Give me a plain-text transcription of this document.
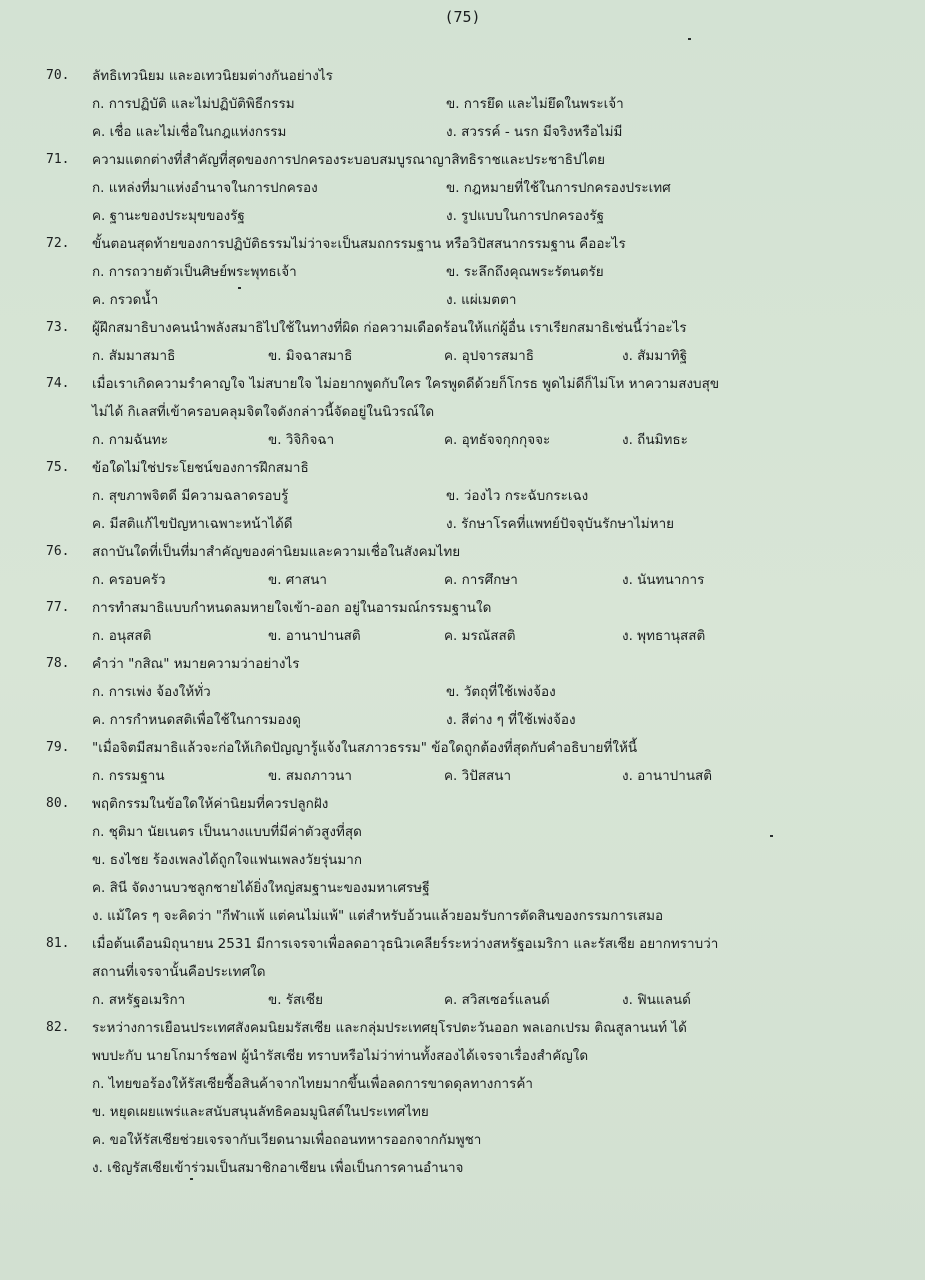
(75)
70.	ลัทธิเทวนิยม และอเทวนิยมต่างกันอย่างไร
ก. การปฏิบัติ และไม่ปฏิบัติพิธีกรรม	ข. การยึด และไม่ยึดในพระเจ้า
ค. เชื่อ และไม่เชื่อในกฎแห่งกรรม	ง. สวรรค์ - นรก มีจริงหรือไม่มี
71.	ความแตกต่างที่สำคัญที่สุดของการปกครองระบอบสมบูรณาญาสิทธิราชและประชาธิปไตย
ก. แหล่งที่มาแห่งอำนาจในการปกครอง	ข. กฎหมายที่ใช้ในการปกครองประเทศ
ค. ฐานะของประมุขของรัฐ	ง. รูปแบบในการปกครองรัฐ
72.	ขั้นตอนสุดท้ายของการปฏิบัติธรรมไม่ว่าจะเป็นสมถกรรมฐาน หรือวิปัสสนากรรมฐาน คืออะไร
ก. การถวายตัวเป็นศิษย์พระพุทธเจ้า	ข. ระลึกถึงคุณพระรัตนตรัย
ค. กรวดน้ำ	ง. แผ่เมตตา
73.	ผู้ฝึกสมาธิบางคนนำพลังสมาธิไปใช้ในทางที่ผิด ก่อความเดือดร้อนให้แก่ผู้อื่น เราเรียกสมาธิเช่นนี้ว่าอะไร
ก. สัมมาสมาธิ	ข. มิจฉาสมาธิ	ค. อุปจารสมาธิ	ง. สัมมาทิฐิ
74.	เมื่อเราเกิดความรำคาญใจ ไม่สบายใจ ไม่อยากพูดกับใคร ใครพูดดีด้วยก็โกรธ พูดไม่ดีก็ไม่โห หาความสงบสุข
ไม่ได้ กิเลสที่เข้าครอบคลุมจิตใจดังกล่าวนี้จัดอยู่ในนิวรณ์ใด
ก. กามฉันทะ	ข. วิจิกิจฉา	ค. อุทธัจจกุกกุจจะ	ง. ถีนมิทธะ
75.	ข้อใดไม่ใช่ประโยชน์ของการฝึกสมาธิ
ก. สุขภาพจิตดี มีความฉลาดรอบรู้	ข. ว่องไว กระฉับกระเฉง
ค. มีสติแก้ไขปัญหาเฉพาะหน้าได้ดี	ง. รักษาโรคที่แพทย์ปัจจุบันรักษาไม่หาย
76.	สถาบันใดที่เป็นที่มาสำคัญของค่านิยมและความเชื่อในสังคมไทย
ก. ครอบครัว	ข. ศาสนา	ค. การศึกษา	ง. นันทนาการ
77.	การทำสมาธิแบบกำหนดลมหายใจเข้า-ออก อยู่ในอารมณ์กรรมฐานใด
ก. อนุสสติ	ข. อานาปานสติ	ค. มรณัสสติ	ง. พุทธานุสสติ
78.	คำว่า "กสิณ" หมายความว่าอย่างไร
ก. การเพ่ง จ้องให้ทั่ว	ข. วัตถุที่ใช้เพ่งจ้อง
ค. การกำหนดสติเพื่อใช้ในการมองดู	ง. สีต่าง ๆ ที่ใช้เพ่งจ้อง
79.	"เมื่อจิตมีสมาธิแล้วจะก่อให้เกิดปัญญารู้แจ้งในสภาวธรรม" ข้อใดถูกต้องที่สุดกับคำอธิบายที่ให้นี้
ก. กรรมฐาน	ข. สมถภาวนา	ค. วิปัสสนา	ง. อานาปานสติ
80.	พฤติกรรมในข้อใดให้ค่านิยมที่ควรปลูกฝัง
ก. ชุติมา นัยเนตร เป็นนางแบบที่มีค่าตัวสูงที่สุด
ข. ธงไชย ร้องเพลงได้ถูกใจแฟนเพลงวัยรุ่นมาก
ค. สินี จัดงานบวชลูกชายได้ยิ่งใหญ่สมฐานะของมหาเศรษฐี
ง. แม้ใคร ๆ จะคิดว่า "กีฬาแพ้ แต่คนไม่แพ้" แต่สำหรับอ้วนแล้วยอมรับการตัดสินของกรรมการเสมอ
81.	เมื่อต้นเดือนมิถุนายน 2531 มีการเจรจาเพื่อลดอาวุธนิวเคลียร์ระหว่างสหรัฐอเมริกา และรัสเซีย อยากทราบว่า
สถานที่เจรจานั้นคือประเทศใด
ก. สหรัฐอเมริกา	ข. รัสเซีย	ค. สวิสเซอร์แลนด์	ง. ฟินแลนด์
82.	ระหว่างการเยือนประเทศสังคมนิยมรัสเซีย และกลุ่มประเทศยุโรปตะวันออก พลเอกเปรม ติณสูลานนท์ ได้
พบปะกับ นายโกมาร์ชอฟ ผู้นำรัสเซีย ทราบหรือไม่ว่าท่านทั้งสองได้เจรจาเรื่องสำคัญใด
ก. ไทยขอร้องให้รัสเซียซื้อสินค้าจากไทยมากขึ้นเพื่อลดการขาดดุลทางการค้า
ข. หยุดเผยแพร่และสนับสนุนลัทธิคอมมูนิสต์ในประเทศไทย
ค. ขอให้รัสเซียช่วยเจรจากับเวียดนามเพื่อถอนทหารออกจากกัมพูชา
ง. เชิญรัสเซียเข้าร่วมเป็นสมาชิกอาเซียน เพื่อเป็นการคานอำนาจ
